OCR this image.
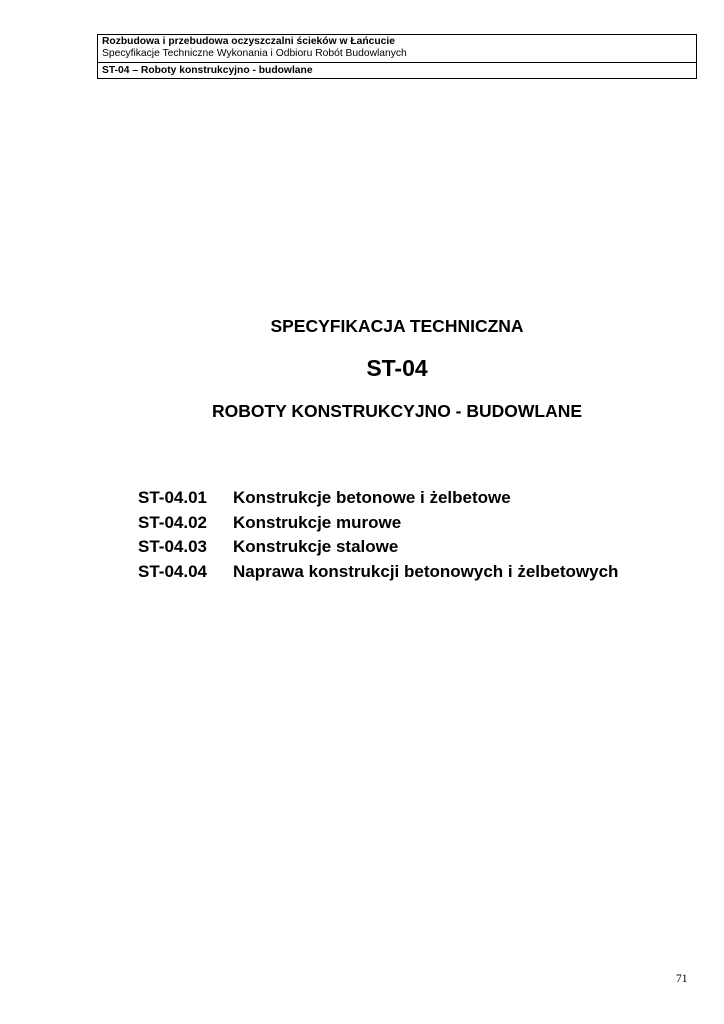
Rozbudowa i przebudowa oczyszczalni ścieków w Łańcucie
Specyfikacje Techniczne Wykonania i Odbioru Robót Budowlanych
ST-04 – Roboty konstrukcyjno - budowlane
SPECYFIKACJA TECHNICZNA
ST-04
ROBOTY KONSTRUKCYJNO - BUDOWLANE
ST-04.01 Konstrukcje betonowe i żelbetowe
ST-04.02 Konstrukcje murowe
ST-04.03 Konstrukcje stalowe
ST-04.04 Naprawa konstrukcji betonowych i żelbetowych
71
